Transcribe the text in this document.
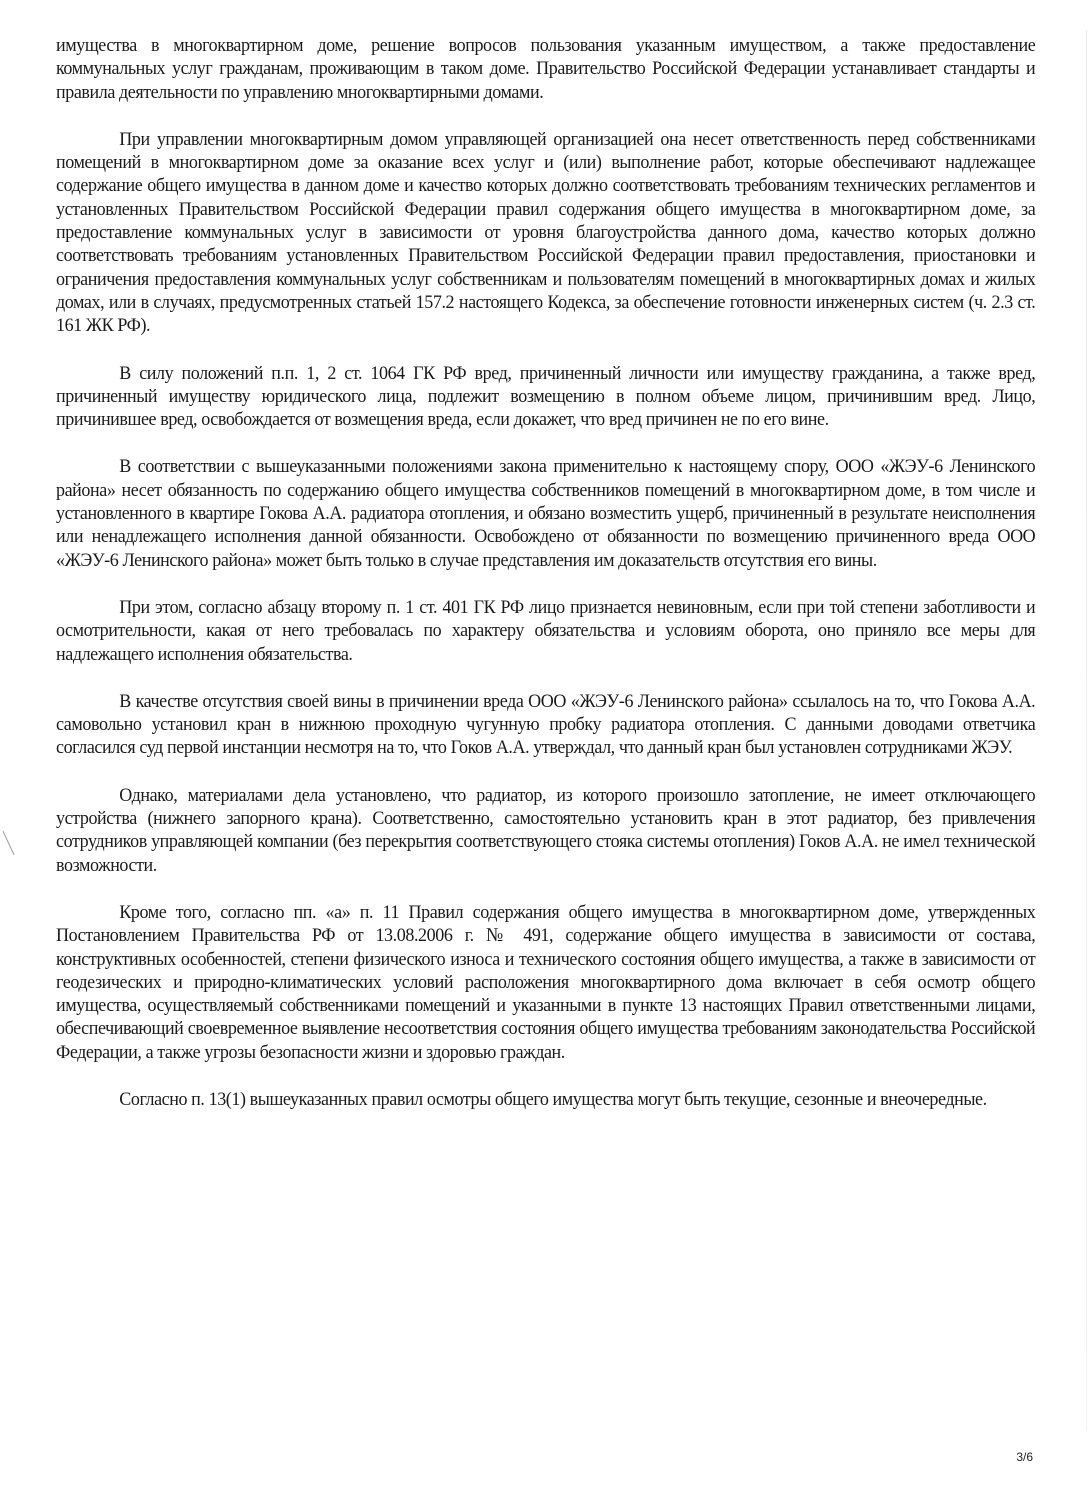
имущества в многоквартирном доме, решение вопросов пользования указанным имуществом, а также предоставление коммунальных услуг гражданам, проживающим в таком доме. Правительство Российской Федерации устанавливает стандарты и правила деятельности по управлению многоквартирными домами.

При управлении многоквартирным домом управляющей организацией она несет ответственность перед собственниками помещений в многоквартирном доме за оказание всех услуг и (или) выполнение работ, которые обеспечивают надлежащее содержание общего имущества в данном доме и качество которых должно соответствовать требованиям технических регламентов и установленных Правительством Российской Федерации правил содержания общего имущества в многоквартирном доме, за предоставление коммунальных услуг в зависимости от уровня благоустройства данного дома, качество которых должно соответствовать требованиям установленных Правительством Российской Федерации правил предоставления, приостановки и ограничения предоставления коммунальных услуг собственникам и пользователям помещений в многоквартирных домах и жилых домах, или в случаях, предусмотренных статьей 157.2 настоящего Кодекса, за обеспечение готовности инженерных систем (ч. 2.3 ст. 161 ЖК РФ).

В силу положений п.п. 1, 2 ст. 1064 ГК РФ вред, причиненный личности или имуществу гражданина, а также вред, причиненный имуществу юридического лица, подлежит возмещению в полном объеме лицом, причинившим вред. Лицо, причинившее вред, освобождается от возмещения вреда, если докажет, что вред причинен не по его вине.

В соответствии с вышеуказанными положениями закона применительно к настоящему спору, ООО «ЖЭУ-6 Ленинского района» несет обязанность по содержанию общего имущества собственников помещений в многоквартирном доме, в том числе и установленного в квартире Гокова А.А. радиатора отопления, и обязано возместить ущерб, причиненный в результате неисполнения или ненадлежащего исполнения данной обязанности. Освобождено от обязанности по возмещению причиненного вреда ООО «ЖЭУ-6 Ленинского района» может быть только в случае представления им доказательств отсутствия его вины.

При этом, согласно абзацу второму п. 1 ст. 401 ГК РФ лицо признается невиновным, если при той степени заботливости и осмотрительности, какая от него требовалась по характеру обязательства и условиям оборота, оно приняло все меры для надлежащего исполнения обязательства.

В качестве отсутствия своей вины в причинении вреда ООО «ЖЭУ-6 Ленинского района» ссылалось на то, что Гокова А.А. самовольно установил кран в нижнюю проходную чугунную пробку радиатора отопления. С данными доводами ответчика согласился суд первой инстанции несмотря на то, что Гоков А.А. утверждал, что данный кран был установлен сотрудниками ЖЭУ.

Однако, материалами дела установлено, что радиатор, из которого произошло затопление, не имеет отключающего устройства (нижнего запорного крана). Соответственно, самостоятельно установить кран в этот радиатор, без привлечения сотрудников управляющей компании (без перекрытия соответствующего стояка системы отопления) Гоков А.А. не имел технической возможности.

Кроме того, согласно пп. «а» п. 11 Правил содержания общего имущества в многоквартирном доме, утвержденных Постановлением Правительства РФ от 13.08.2006 г. № 491, содержание общего имущества в зависимости от состава, конструктивных особенностей, степени физического износа и технического состояния общего имущества, а также в зависимости от геодезических и природно-климатических условий расположения многоквартирного дома включает в себя осмотр общего имущества, осуществляемый собственниками помещений и указанными в пункте 13 настоящих Правил ответственными лицами, обеспечивающий своевременное выявление несоответствия состояния общего имущества требованиям законодательства Российской Федерации, а также угрозы безопасности жизни и здоровью граждан.

Согласно п. 13(1) вышеуказанных правил осмотры общего имущества могут быть текущие, сезонные и внеочередные.

3/6
